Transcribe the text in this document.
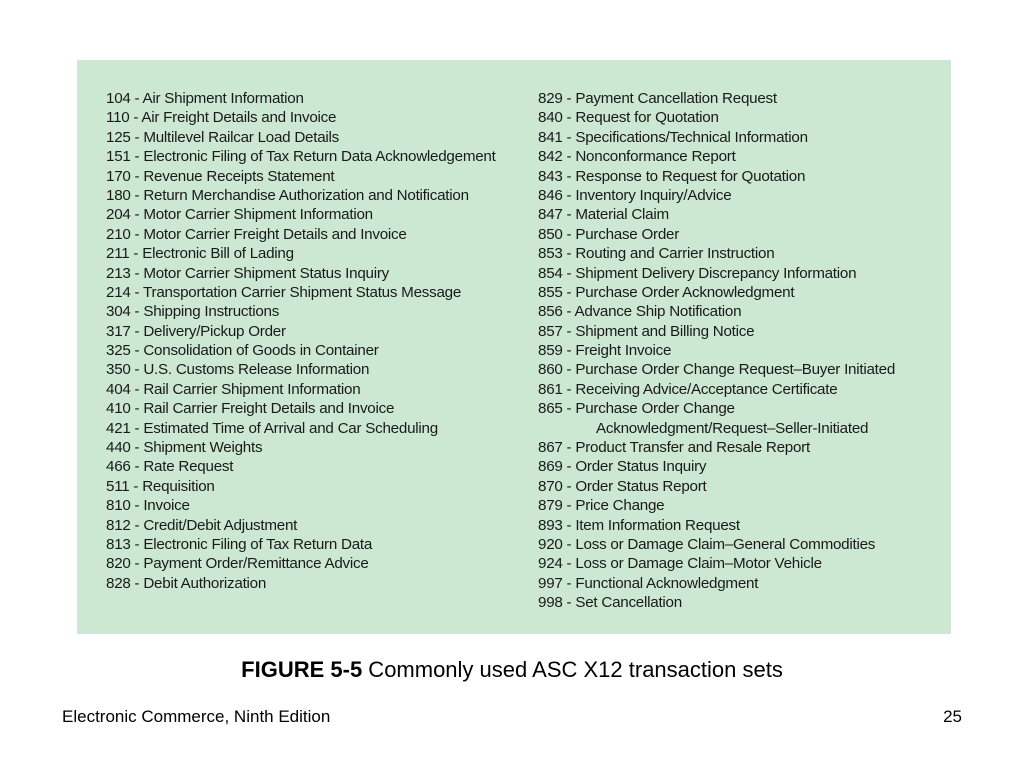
104 - Air Shipment Information
110 - Air Freight Details and Invoice
125 - Multilevel Railcar Load Details
151 - Electronic Filing of Tax Return Data Acknowledgement
170 - Revenue Receipts Statement
180 - Return Merchandise Authorization and Notification
204 - Motor Carrier Shipment Information
210 - Motor Carrier Freight Details and Invoice
211 - Electronic Bill of Lading
213 - Motor Carrier Shipment Status Inquiry
214 - Transportation Carrier Shipment Status Message
304 - Shipping Instructions
317 - Delivery/Pickup Order
325 - Consolidation of Goods in Container
350 - U.S. Customs Release Information
404 - Rail Carrier Shipment Information
410 - Rail Carrier Freight Details and Invoice
421 - Estimated Time of Arrival and Car Scheduling
440 - Shipment Weights
466 - Rate Request
511 - Requisition
810 - Invoice
812 - Credit/Debit Adjustment
813 - Electronic Filing of Tax Return Data
820 - Payment Order/Remittance Advice
828 - Debit Authorization
829 - Payment Cancellation Request
840 - Request for Quotation
841 - Specifications/Technical Information
842 - Nonconformance Report
843 - Response to Request for Quotation
846 - Inventory Inquiry/Advice
847 - Material Claim
850 - Purchase Order
853 - Routing and Carrier Instruction
854 - Shipment Delivery Discrepancy Information
855 - Purchase Order Acknowledgment
856 - Advance Ship Notification
857 - Shipment and Billing Notice
859 - Freight Invoice
860 - Purchase Order Change Request–Buyer Initiated
861 - Receiving Advice/Acceptance Certificate
865 - Purchase Order Change
Acknowledgment/Request–Seller-Initiated
867 - Product Transfer and Resale Report
869 - Order Status Inquiry
870 - Order Status Report
879 - Price Change
893 - Item Information Request
920 - Loss or Damage Claim–General Commodities
924 - Loss or Damage Claim–Motor Vehicle
997 - Functional Acknowledgment
998 - Set Cancellation
FIGURE 5-5 Commonly used ASC X12 transaction sets
Electronic Commerce, Ninth Edition	25
